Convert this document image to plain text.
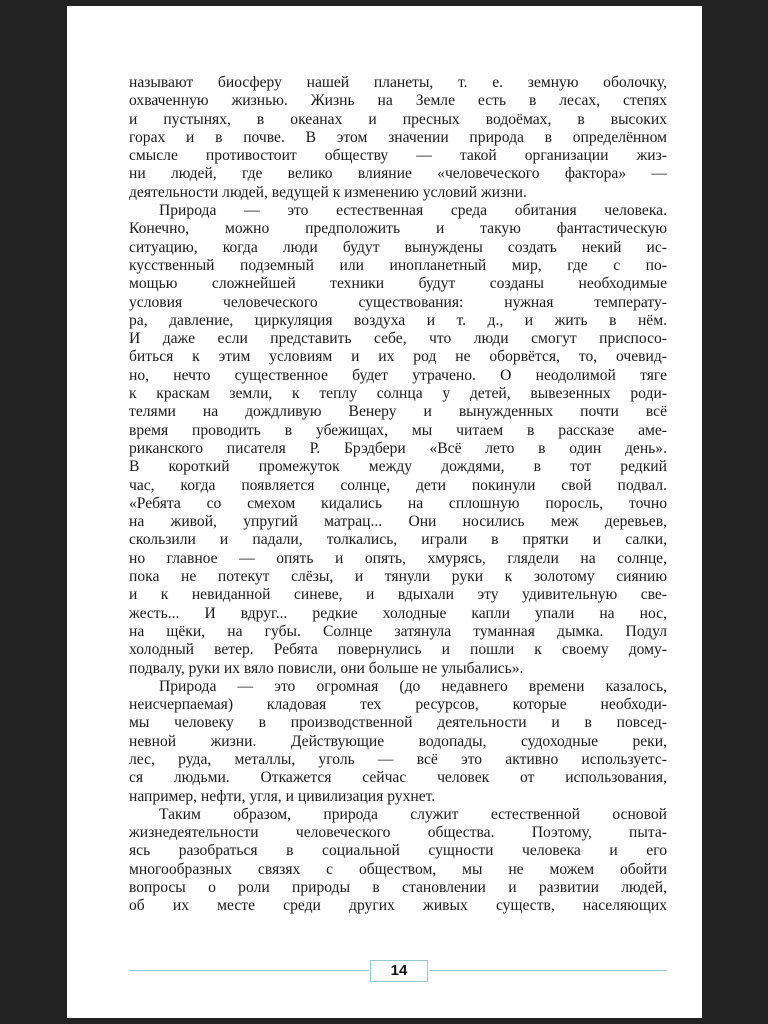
называют биосферу нашей планеты, т. е. земную оболочку,
охваченную жизнью. Жизнь на Земле есть в лесах, степях
и пустынях, в океанах и пресных водоёмах, в высоких
горах и в почве. В этом значении природа в определённом
смысле противостоит обществу — такой организации жиз-
ни людей, где велико влияние «человеческого фактора» —
деятельности людей, ведущей к изменению условий жизни.
Природа — это естественная среда обитания человека.
Конечно, можно предположить и такую фантастическую
ситуацию, когда люди будут вынуждены создать некий ис-
кусственный подземный или инопланетный мир, где с по-
мощью сложнейшей техники будут созданы необходимые
условия человеческого существования: нужная температу-
ра, давление, циркуляция воздуха и т. д., и жить в нём.
И даже если представить себе, что люди смогут приспосо-
биться к этим условиям и их род не оборвётся, то, очевид-
но, нечто существенное будет утрачено. О неодолимой тяге
к краскам земли, к теплу солнца у детей, вывезенных роди-
телями на дождливую Венеру и вынужденных почти всё
время проводить в убежищах, мы читаем в рассказе аме-
риканского писателя Р. Брэдбери «Всё лето в один день».
В короткий промежуток между дождями, в тот редкий
час, когда появляется солнце, дети покинули свой подвал.
«Ребята со смехом кидались на сплошную поросль, точно
на живой, упругий матрац... Они носились меж деревьев,
скользили и падали, толкались, играли в прятки и салки,
но главное — опять и опять, хмурясь, глядели на солнце,
пока не потекут слёзы, и тянули руки к золотому сиянию
и к невиданной синеве, и вдыхали эту удивительную све-
жесть... И вдруг... редкие холодные капли упали на нос,
на щёки, на губы. Солнце затянула туманная дымка. Подул
холодный ветер. Ребята повернулись и пошли к своему дому-
подвалу, руки их вяло повисли, они больше не улыбались».
Природа — это огромная (до недавнего времени казалось,
неисчерпаемая) кладовая тех ресурсов, которые необходи-
мы человеку в производственной деятельности и в повсед-
невной жизни. Действующие водопады, судоходные реки,
лес, руда, металлы, уголь — всё это активно используетс-
ся людьми. Откажется сейчас человек от использования,
например, нефти, угля, и цивилизация рухнет.
Таким образом, природа служит естественной основой
жизнедеятельности человеческого общества. Поэтому, пыта-
ясь разобраться в социальной сущности человека и его
многообразных связях с обществом, мы не можем обойти
вопросы о роли природы в становлении и развитии людей,
об их месте среди других живых существ, населяющих
14
